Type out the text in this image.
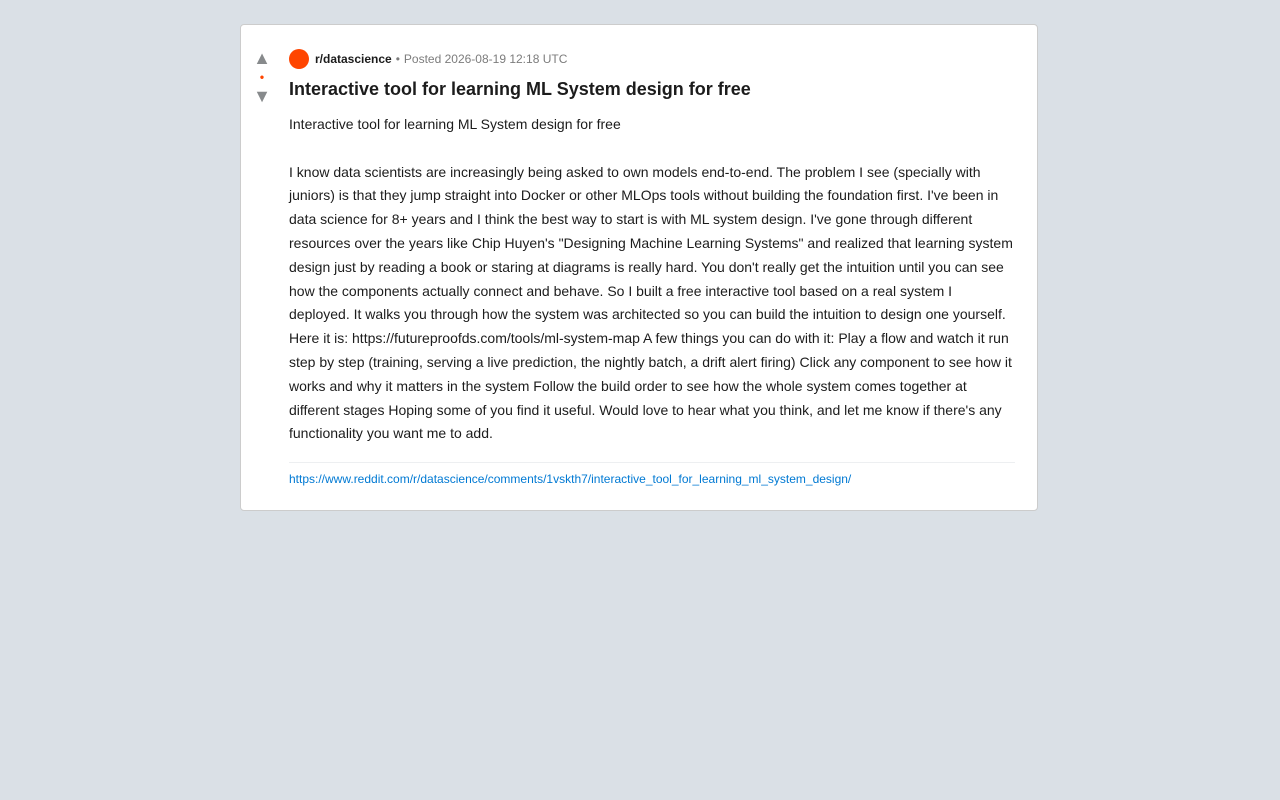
▲
•
▼
r/datascience • Posted 2026-08-19 12:18 UTC
Interactive tool for learning ML System design for free

Interactive tool for learning ML System design for free

I know data scientists are increasingly being asked to own models end-to-end. The problem I see (specially with juniors) is that they jump straight into Docker or other MLOps tools without building the foundation first. I've been in data science for 8+ years and I think the best way to start is with ML system design. I've gone through different resources over the years like Chip Huyen's "Designing Machine Learning Systems" and realized that learning system design just by reading a book or staring at diagrams is really hard. You don't really get the intuition until you can see how the components actually connect and behave. So I built a free interactive tool based on a real system I deployed. It walks you through how the system was architected so you can build the intuition to design one yourself. Here it is: https://futureproofds.com/tools/ml-system-map A few things you can do with it: Play a flow and watch it run step by step (training, serving a live prediction, the nightly batch, a drift alert firing) Click any component to see how it works and why it matters in the system Follow the build order to see how the whole system comes together at different stages Hoping some of you find it useful. Would love to hear what you think, and let me know if there's any functionality you want me to add.

https://www.reddit.com/r/datascience/comments/1vskth7/interactive_tool_for_learning_ml_system_design/
